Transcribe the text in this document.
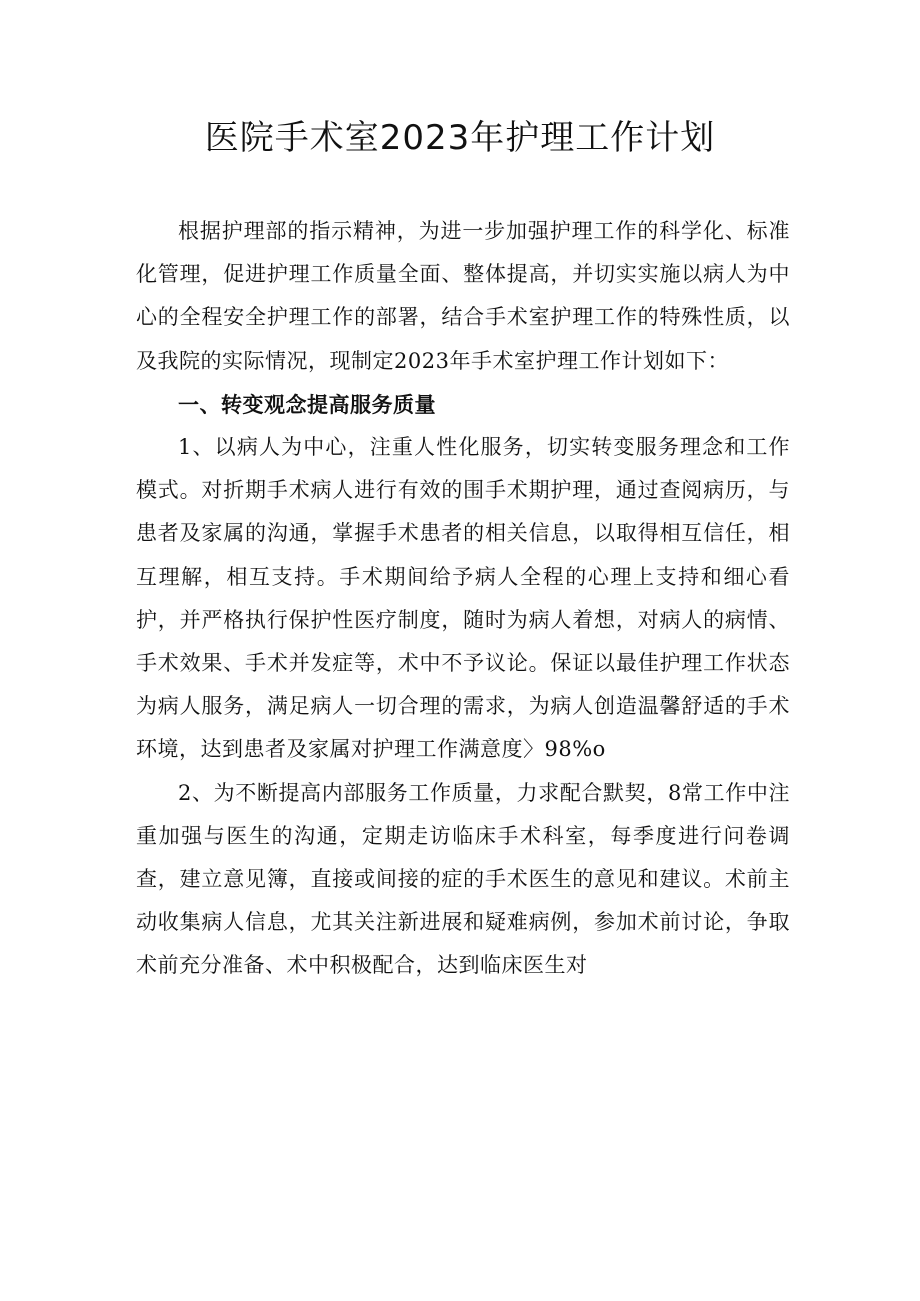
医院手术室2023年护理工作计划

根据护理部的指示精神，为进一步加强护理工作的科学化、标准化管理，促进护理工作质量全面、整体提高，并切实实施以病人为中心的全程安全护理工作的部署，结合手术室护理工作的特殊性质，以及我院的实际情况，现制定2023年手术室护理工作计划如下：

一、转变观念提高服务质量

1、以病人为中心，注重人性化服务，切实转变服务理念和工作模式。对折期手术病人进行有效的围手术期护理，通过查阅病历，与患者及家属的沟通，掌握手术患者的相关信息，以取得相互信任，相互理解，相互支持。手术期间给予病人全程的心理上支持和细心看护，并严格执行保护性医疗制度，随时为病人着想，对病人的病情、手术效果、手术并发症等，术中不予议论。保证以最佳护理工作状态为病人服务，满足病人一切合理的需求，为病人创造温馨舒适的手术环境，达到患者及家属对护理工作满意度〉98%o

2、为不断提高内部服务工作质量，力求配合默契，8常工作中注重加强与医生的沟通，定期走访临床手术科室，每季度进行问卷调查，建立意见簿，直接或间接的症的手术医生的意见和建议。术前主动收集病人信息，尤其关注新进展和疑难病例，参加术前讨论，争取术前充分准备、术中积极配合，达到临床医生对
